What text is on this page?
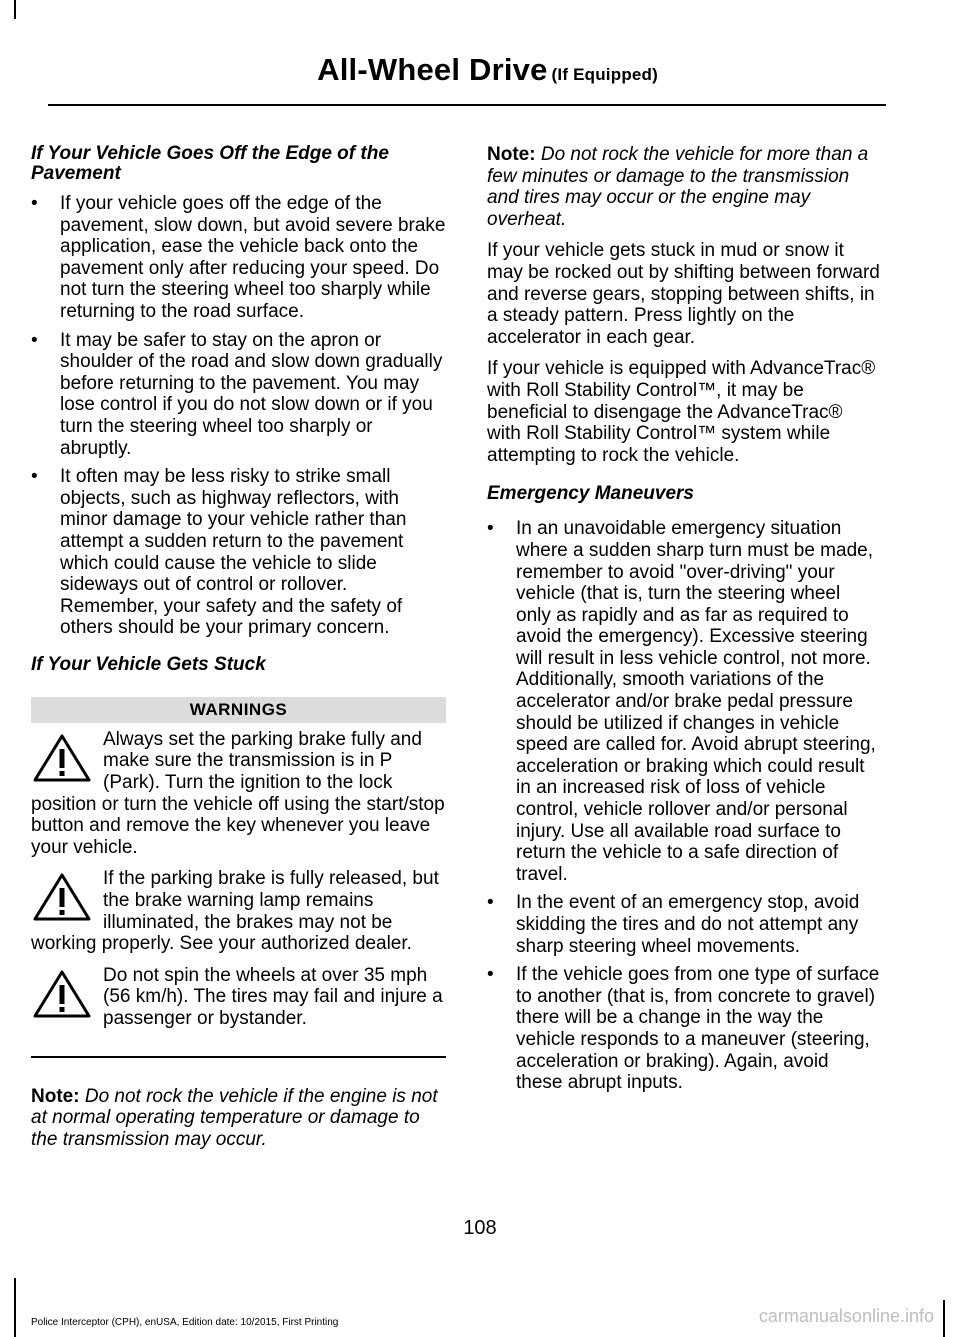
All-Wheel Drive (If Equipped)
If Your Vehicle Goes Off the Edge of the Pavement
• If your vehicle goes off the edge of the pavement, slow down, but avoid severe brake application, ease the vehicle back onto the pavement only after reducing your speed. Do not turn the steering wheel too sharply while returning to the road surface.
• It may be safer to stay on the apron or shoulder of the road and slow down gradually before returning to the pavement. You may lose control if you do not slow down or if you turn the steering wheel too sharply or abruptly.
• It often may be less risky to strike small objects, such as highway reflectors, with minor damage to your vehicle rather than attempt a sudden return to the pavement which could cause the vehicle to slide sideways out of control or rollover. Remember, your safety and the safety of others should be your primary concern.
If Your Vehicle Gets Stuck
WARNINGS
Always set the parking brake fully and make sure the transmission is in P (Park). Turn the ignition to the lock position or turn the vehicle off using the start/stop button and remove the key whenever you leave your vehicle.
If the parking brake is fully released, but the brake warning lamp remains illuminated, the brakes may not be working properly. See your authorized dealer.
Do not spin the wheels at over 35 mph (56 km/h). The tires may fail and injure a passenger or bystander.
Note: Do not rock the vehicle if the engine is not at normal operating temperature or damage to the transmission may occur.
Note: Do not rock the vehicle for more than a few minutes or damage to the transmission and tires may occur or the engine may overheat.
If your vehicle gets stuck in mud or snow it may be rocked out by shifting between forward and reverse gears, stopping between shifts, in a steady pattern. Press lightly on the accelerator in each gear.
If your vehicle is equipped with AdvanceTrac® with Roll Stability Control™, it may be beneficial to disengage the AdvanceTrac® with Roll Stability Control™ system while attempting to rock the vehicle.
Emergency Maneuvers
• In an unavoidable emergency situation where a sudden sharp turn must be made, remember to avoid "over-driving" your vehicle (that is, turn the steering wheel only as rapidly and as far as required to avoid the emergency). Excessive steering will result in less vehicle control, not more. Additionally, smooth variations of the accelerator and/or brake pedal pressure should be utilized if changes in vehicle speed are called for. Avoid abrupt steering, acceleration or braking which could result in an increased risk of loss of vehicle control, vehicle rollover and/or personal injury. Use all available road surface to return the vehicle to a safe direction of travel.
• In the event of an emergency stop, avoid skidding the tires and do not attempt any sharp steering wheel movements.
• If the vehicle goes from one type of surface to another (that is, from concrete to gravel) there will be a change in the way the vehicle responds to a maneuver (steering, acceleration or braking). Again, avoid these abrupt inputs.
108
Police Interceptor (CPH), enUSA, Edition date: 10/2015, First Printing	carmanualsonline.info
